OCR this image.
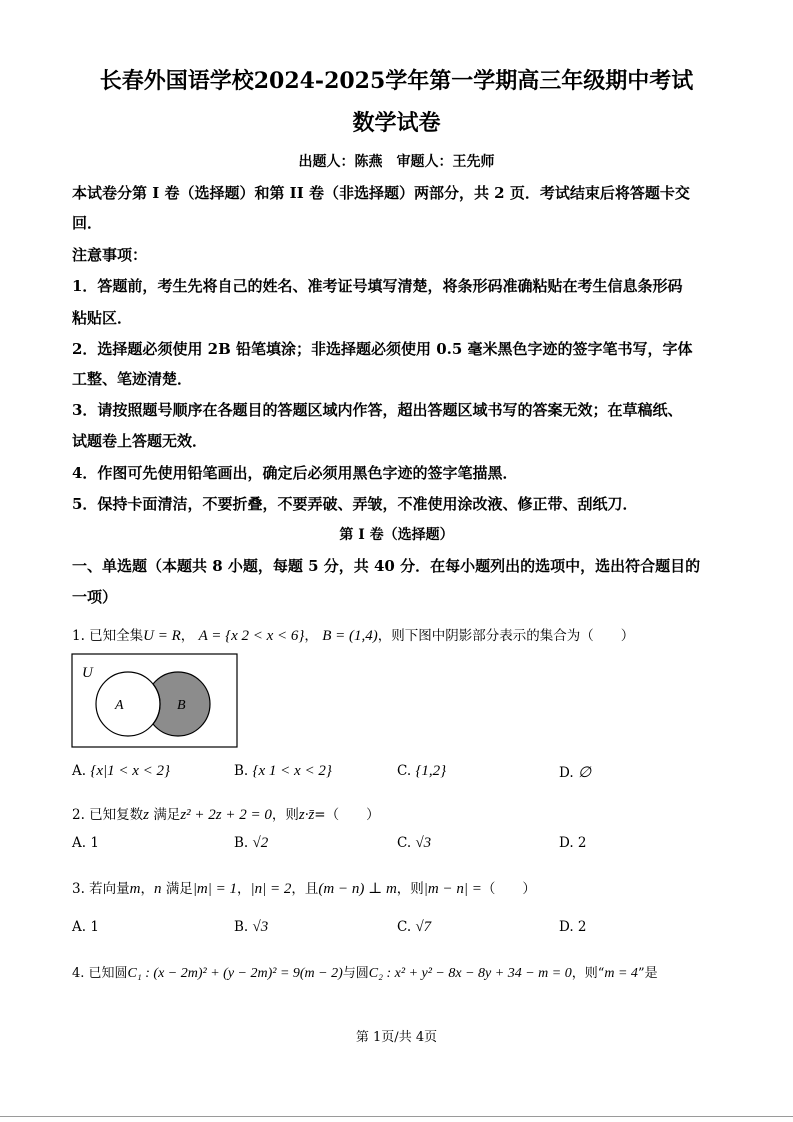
长春外国语学校2024-2025学年第一学期高三年级期中考试
数学试卷
出题人：陈燕　审题人：王先师
本试卷分第 I 卷（选择题）和第 II 卷（非选择题）两部分，共 2 页．考试结束后将答题卡交
回．
注意事项：
1．答题前，考生先将自己的姓名、准考证号填写清楚，将条形码准确粘贴在考生信息条形码
粘贴区．
2．选择题必须使用 2B 铅笔填涂；非选择题必须使用 0.5 毫米黑色字迹的签字笔书写，字体
工整、笔迹清楚．
3．请按照题号顺序在各题目的答题区域内作答，超出答题区域书写的答案无效；在草稿纸、
试题卷上答题无效．
4．作图可先使用铅笔画出，确定后必须用黑色字迹的签字笔描黑．
5．保持卡面清洁，不要折叠，不要弄破、弄皱，不准使用涂改液、修正带、刮纸刀．
第 I 卷（选择题）
一、单选题（本题共 8 小题，每题 5 分，共 40 分．在每小题列出的选项中，选出符合题目的
一项）
1. 已知全集U = R， A = {x 2 < x < 6}， B = (1,4)，则下图中阴影部分表示的集合为（　　）
U
A	B
A. {x|1 < x < 2}	B. {x 1 < x < 2}	C. {1,2}	D. ∅
2. 已知复数z 满足z² + 2z + 2 = 0，则z·z̄=（　　）
A. 1	B. √2	C. √3	D. 2
3. 若向量m，n 满足|m| = 1，|n| = 2，且(m − n) ⊥ m，则|m − n| =（　　）
A. 1	B. √3	C. √7	D. 2
4. 已知圆C₁ : (x − 2m)² + (y − 2m)² = 9(m − 2)与圆C₂ : x² + y² − 8x − 8y + 34 − m = 0，则“m = 4”是
第 1页/共 4页
